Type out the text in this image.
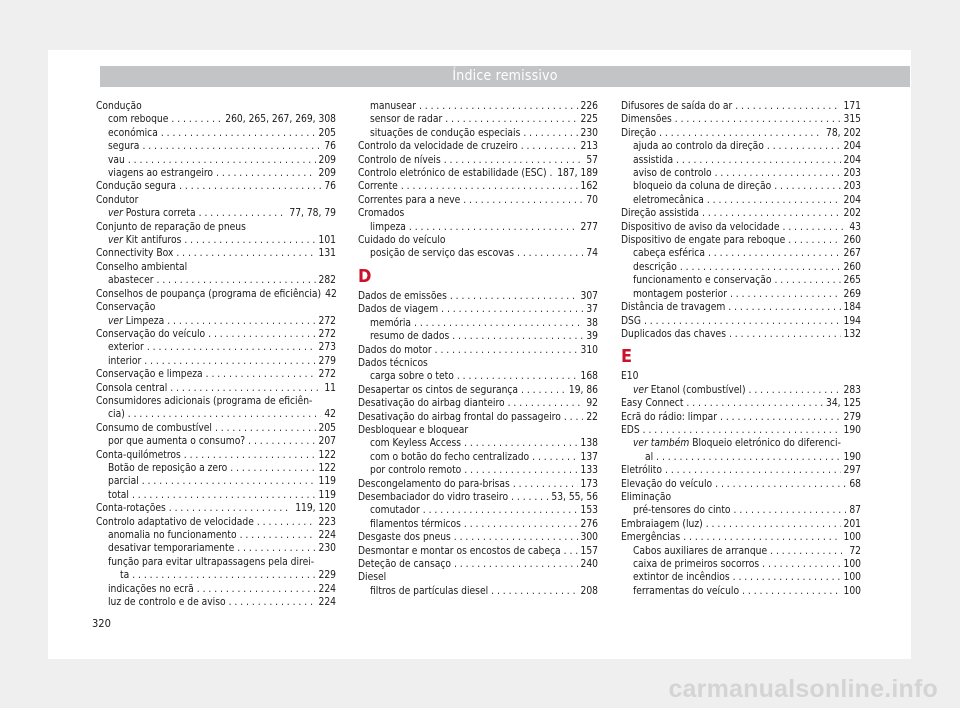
Índice remissivo
Condução
com reboque . . .	260, 265, 267, 269, 308
económica . . .	205
segura . . .	76
vau . . .	209
viagens ao estrangeiro . . .	209
Condução segura . . .	76
Condutor
ver Postura correta . . .	77, 78, 79
Conjunto de reparação de pneus
ver Kit antifuros . . .	101
Connectivity Box . . .	131
Conselho ambiental
abastecer . . .	282
Conselhos de poupança (programa de eficiência) 42
Conservação
ver Limpeza . . .	272
Conservação do veículo . . .	272
exterior . . .	273
interior . . .	279
Conservação e limpeza . . .	272
Consola central . . .	11
Consumidores adicionais (programa de eficiên-
cia) . . .	42
Consumo de combustível . . .	205
por que aumenta o consumo? . . .	207
Conta-quilómetros . . .	122
Botão de reposição a zero . . .	122
parcial . . .	119
total . . .	119
Conta-rotações . . .	119, 120
Controlo adaptativo de velocidade . . .	223
anomalia no funcionamento . . .	224
desativar temporariamente . . .	230
função para evitar ultrapassagens pela direi-
ta . . .	229
indicações no ecrã . . .	224
luz de controlo e de aviso . . .	224
manusear . . .	226
sensor de radar . . .	225
situações de condução especiais . . .	230
Controlo da velocidade de cruzeiro . . .	213
Controlo de níveis . . .	57
Controlo eletrónico de estabilidade (ESC) . . . 187, 189
Corrente . . .	162
Correntes para a neve . . .	70
Cromados
limpeza . . .	277
Cuidado do veículo
posição de serviço das escovas . . .	74
D
Dados de emissões . . .	307
Dados de viagem . . .	37
memória . . .	38
resumo de dados . . .	39
Dados do motor . . .	310
Dados técnicos
carga sobre o teto . . .	168
Desapertar os cintos de segurança . . .	19, 86
Desativação do airbag dianteiro . . .	92
Desativação do airbag frontal do passageiro . . .	22
Desbloquear e bloquear
com Keyless Access . . .	138
com o botão do fecho centralizado . . .	137
por controlo remoto . . .	133
Descongelamento do para-brisas . . .	173
Desembaciador do vidro traseiro . . .	53, 55, 56
comutador . . .	153
filamentos térmicos . . .	276
Desgaste dos pneus . . .	300
Desmontar e montar os encostos de cabeça . . . 157
Deteção de cansaço . . .	240
Diesel
filtros de partículas diesel . . .	208
Difusores de saída do ar . . .	171
Dimensões . . .	315
Direção . . .	78, 202
ajuda ao controlo da direção . . .	204
assistida . . .	204
aviso de controlo . . .	203
bloqueio da coluna de direção . . .	203
eletromecânica . . .	204
Direção assistida . . .	202
Dispositivo de aviso da velocidade . . .	43
Dispositivo de engate para reboque . . .	260
cabeça esférica . . .	267
descrição . . .	260
funcionamento e conservação . . .	265
montagem posterior . . .	269
Distância de travagem . . .	184
DSG . . .	194
Duplicados das chaves . . .	132
E
E10
ver Etanol (combustível) . . .	283
Easy Connect . . .	34, 125
Ecrã do rádio: limpar . . .	279
EDS . . .	190
ver também Bloqueio eletrónico do diferenci-
al . . .	190
Eletrólito . . .	297
Elevação do veículo . . .	68
Eliminação
pré-tensores do cinto . . .	87
Embraiagem (luz) . . .	201
Emergências . . .	100
Cabos auxiliares de arranque . . .	72
caixa de primeiros socorros . . .	100
extintor de incêndios . . .	100
ferramentas do veículo . . .	100
320
carmanualsonline.info
